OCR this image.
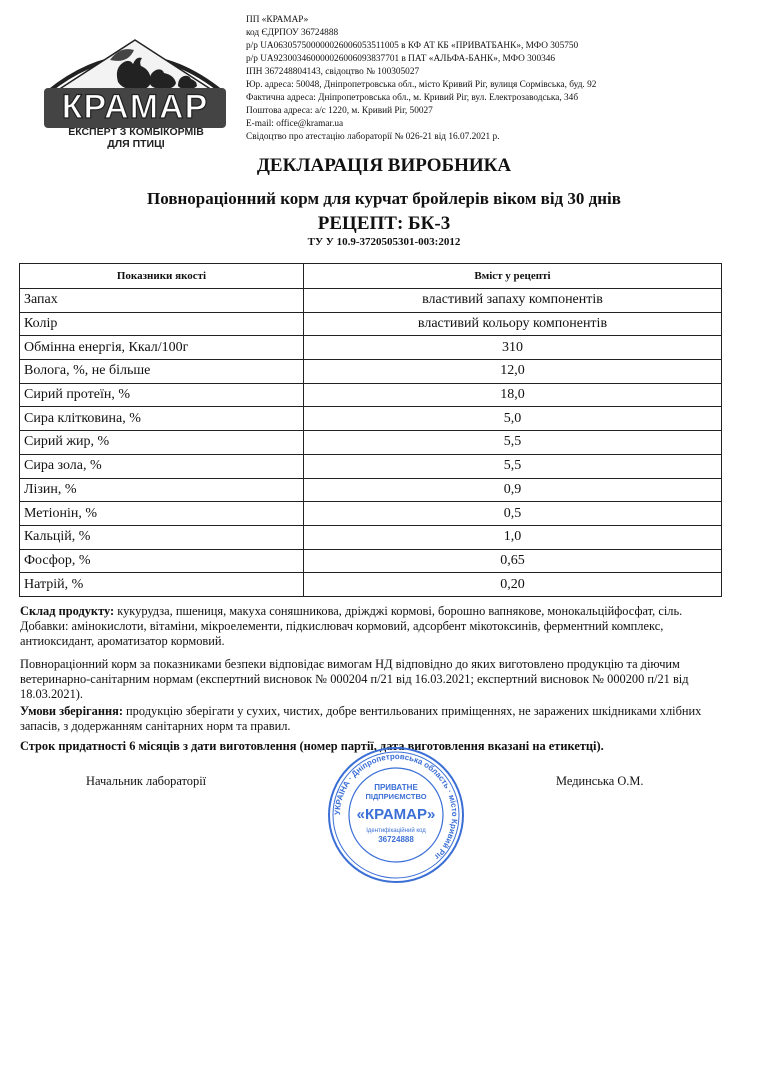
КРАМАР
ЕКСПЕРТ З КОМБІКОРМІВ
ДЛЯ ПТИЦІ
ПП «КРАМАР»
код ЄДРПОУ 36724888
р/р UA063057500000026006053511005 в КФ АТ КБ «ПРИВАТБАНК», МФО 305750
р/р UA923003460000026006093837701 в ПАТ «АЛЬФА-БАНК», МФО 300346
ІПН 367248804143, свідоцтво № 100305027
Юр. адреса: 50048, Дніпропетровська обл., місто Кривий Ріг, вулиця Сормівська, буд. 92
Фактична адреса: Дніпропетровська обл., м. Кривий Ріг, вул. Електрозаводська, 34б
Поштова адреса: а/с 1220, м. Кривий Ріг, 50027
E-mail: office@kramar.ua
Свідоцтво про атестацію лабораторії № 026-21 від 16.07.2021 р.
ДЕКЛАРАЦІЯ ВИРОБНИКА
Повнораціонний корм для курчат бройлерів віком від 30 днів
РЕЦЕПТ: БК-3
ТУ У 10.9-3720505301-003:2012
Показники якості	Вміст у рецепті
Запах	властивий запаху компонентів
Колір	властивий кольору компонентів
Обмінна енергія, Ккал/100г	310
Волога, %, не більше	12,0
Сирий протеїн, %	18,0
Сира клітковина, %	5,0
Сирий жир, %	5,5
Сира зола, %	5,5
Лізин, %	0,9
Метіонін, %	0,5
Кальцій, %	1,0
Фосфор, %	0,65
Натрій, %	0,20
Склад продукту: кукурудза, пшениця, макуха соняшникова, дріжджі кормові, борошно вапнякове, монокальційфосфат, сіль. Добавки: амінокислоти, вітаміни, мікроелементи, підкислювач кормовий, адсорбент мікотоксинів, ферментний комплекс, антиоксидант, ароматизатор кормовий.
Повнораціонний корм за показниками безпеки відповідає вимогам НД відповідно до яких виготовлено продукцію та діючим ветеринарно-санітарним нормам (експертний висновок № 000204 п/21 від 16.03.2021; експертний висновок № 000200 п/21 від 18.03.2021).
Умови зберігання: продукцію зберігати у сухих, чистих, добре вентильованих приміщеннях, не заражених шкідниками хлібних запасів, з додержанням санітарних норм та правил.
Строк придатності 6 місяців з дати виготовлення (номер партії, дата виготовлення вказані на етикетці).
Начальник лабораторії	Мединська О.М.
УКРАЇНА · Дніпропетровська область · місто Кривий Ріг
ПРИВАТНЕ
ПІДПРИЄМСТВО
«КРАМАР»
Ідентифікаційний код
36724888
